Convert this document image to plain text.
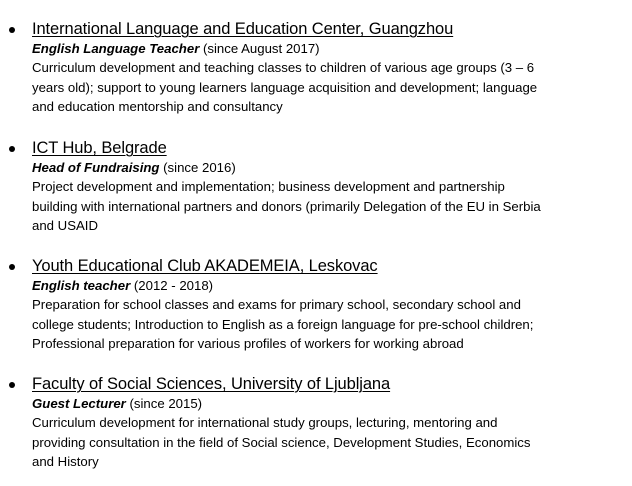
International Language and Education Center, Guangzhou
English Language Teacher (since August 2017)
Curriculum development and teaching classes to children of various age groups (3 – 6
years old); support to young learners language acquisition and development; language
and education mentorship and consultancy
ICT Hub, Belgrade
Head of Fundraising (since 2016)
Project development and implementation; business development and partnership
building with international partners and donors (primarily Delegation of the EU in Serbia
and USAID
Youth Educational Club AKADEMEIA, Leskovac
English teacher (2012 - 2018)
Preparation for school classes and exams for primary school, secondary school and
college students; Introduction to English as a foreign language for pre-school children;
Professional preparation for various profiles of workers for working abroad
Faculty of Social Sciences, University of Ljubljana
Guest Lecturer (since 2015)
Curriculum development for international study groups, lecturing, mentoring and
providing consultation in the field of Social science, Development Studies, Economics
and History
